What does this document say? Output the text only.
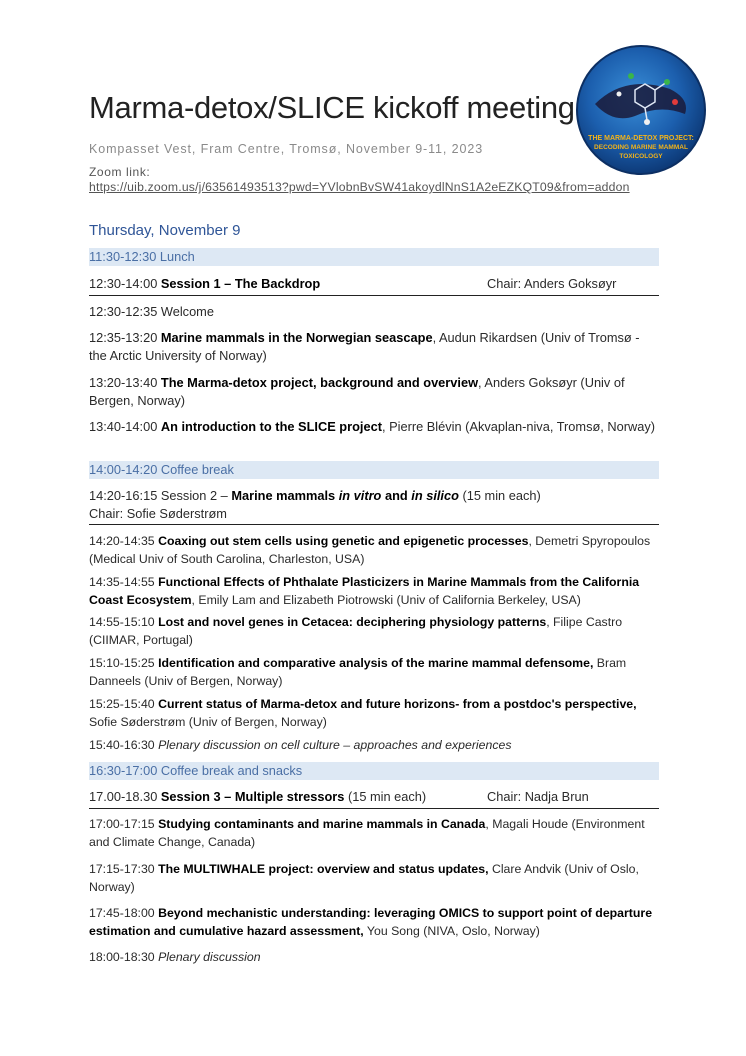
THE MARMA-DETOX PROJECT:
DECODING MARINE MAMMAL
TOXICOLOGY
Marma-detox/SLICE kickoff meeting
Kompasset Vest, Fram Centre, Tromsø, November 9-11, 2023
Zoom link:
https://uib.zoom.us/j/63561493513?pwd=YVlobnBvSW41akoydlNnS1A2eEZKQT09&from=addon
Thursday, November 9
11:30-12:30 Lunch
12:30-14:00 Session 1 – The Backdrop	Chair: Anders Goksøyr
12:30-12:35 Welcome
12:35-13:20 Marine mammals in the Norwegian seascape, Audun Rikardsen (Univ of Tromsø - the Arctic University of Norway)
13:20-13:40 The Marma-detox project, background and overview, Anders Goksøyr (Univ of Bergen, Norway)
13:40-14:00 An introduction to the SLICE project, Pierre Blévin (Akvaplan-niva, Tromsø, Norway)
14:00-14:20 Coffee break
14:20-16:15 Session 2 – Marine mammals in vitro and in silico (15 min each)
Chair: Sofie Søderstrøm
14:20-14:35 Coaxing out stem cells using genetic and epigenetic processes, Demetri Spyropoulos (Medical Univ of South Carolina, Charleston, USA)
14:35-14:55 Functional Effects of Phthalate Plasticizers in Marine Mammals from the California Coast Ecosystem, Emily Lam and Elizabeth Piotrowski (Univ of California Berkeley, USA)
14:55-15:10 Lost and novel genes in Cetacea: deciphering physiology patterns, Filipe Castro (CIIMAR, Portugal)
15:10-15:25 Identification and comparative analysis of the marine mammal defensome, Bram Danneels (Univ of Bergen, Norway)
15:25-15:40 Current status of Marma-detox and future horizons- from a postdoc's perspective, Sofie Søderstrøm (Univ of Bergen, Norway)
15:40-16:30 Plenary discussion on cell culture – approaches and experiences
16:30-17:00 Coffee break and snacks
17.00-18.30 Session 3 – Multiple stressors (15 min each)	Chair: Nadja Brun
17:00-17:15 Studying contaminants and marine mammals in Canada, Magali Houde (Environment and Climate Change, Canada)
17:15-17:30 The MULTIWHALE project: overview and status updates, Clare Andvik (Univ of Oslo, Norway)
17:45-18:00 Beyond mechanistic understanding: leveraging OMICS to support point of departure estimation and cumulative hazard assessment, You Song (NIVA, Oslo, Norway)
18:00-18:30 Plenary discussion
